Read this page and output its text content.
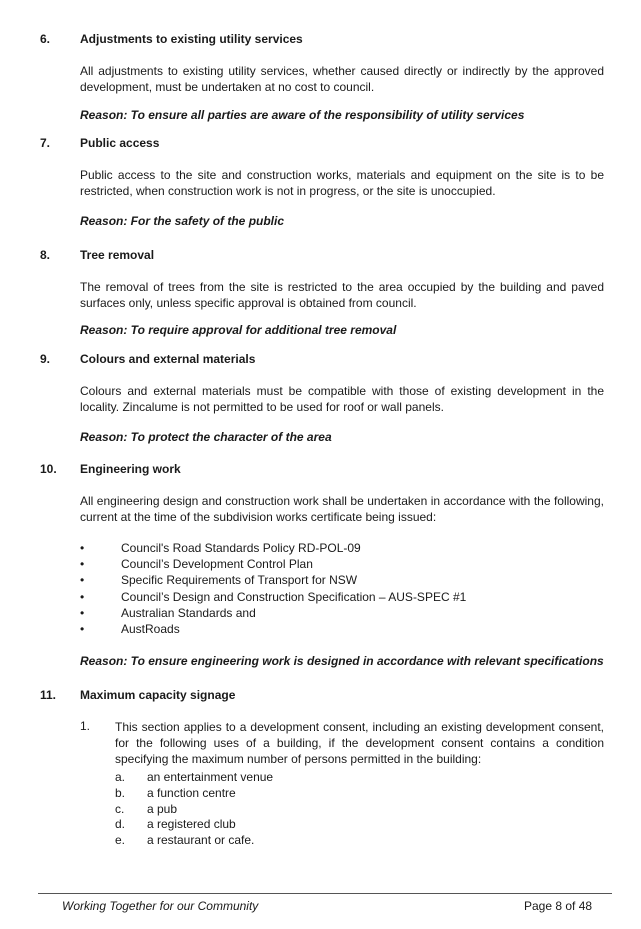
6. Adjustments to existing utility services
All adjustments to existing utility services, whether caused directly or indirectly by the approved development, must be undertaken at no cost to council.
Reason: To ensure all parties are aware of the responsibility of utility services
7. Public access
Public access to the site and construction works, materials and equipment on the site is to be restricted, when construction work is not in progress, or the site is unoccupied.
Reason: For the safety of the public
8. Tree removal
The removal of trees from the site is restricted to the area occupied by the building and paved surfaces only, unless specific approval is obtained from council.
Reason: To require approval for additional tree removal
9. Colours and external materials
Colours and external materials must be compatible with those of existing development in the locality. Zincalume is not permitted to be used for roof or wall panels.
Reason: To protect the character of the area
10. Engineering work
All engineering design and construction work shall be undertaken in accordance with the following, current at the time of the subdivision works certificate being issued:
•	Council's Road Standards Policy RD-POL-09
•	Council’s Development Control Plan
•	Specific Requirements of Transport for NSW
•	Council’s Design and Construction Specification – AUS-SPEC #1
•	Australian Standards and
•	AustRoads
Reason: To ensure engineering work is designed in accordance with relevant specifications
11. Maximum capacity signage
1. This section applies to a development consent, including an existing development consent, for the following uses of a building, if the development consent contains a condition specifying the maximum number of persons permitted in the building:
a. an entertainment venue
b. a function centre
c. a pub
d. a registered club
e. a restaurant or cafe.
Working Together for our Community	Page 8 of 48
